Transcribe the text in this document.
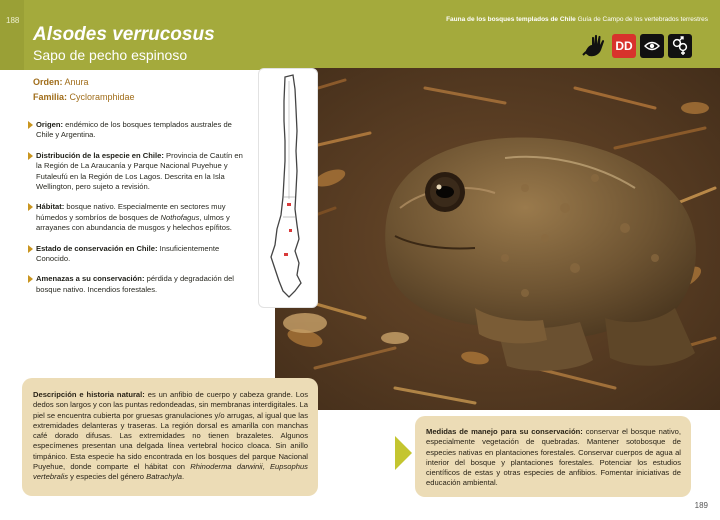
188
Alsodes verrucosus
Sapo de pecho espinoso
Fauna de los bosques templados de Chile Guía de Campo de los vertebrados terrestres
DD
Orden: Anura
Familia: Cycloramphidae
Origen: endémico de los bosques templados australes de Chile y Argentina.
Distribución de la especie en Chile: Provincia de Cautín en la Región de La Araucanía y Parque Nacional Puyehue y Futaleufú en la Región de Los Lagos. Descrita en la Isla Wellington, pero sujeto a revisión.
Hábitat: bosque nativo. Especialmente en sectores muy húmedos y sombríos de bosques de Nothofagus, ulmos y arrayanes con abundancia de musgos y helechos epífitos.
Estado de conservación en Chile: Insuficientemente Conocido.
Amenazas a su conservación: pérdida y degradación del bosque nativo. Incendios forestales.
Descripción e historia natural: es un anfibio de cuerpo y cabeza grande. Los dedos son largos y con las puntas redondeadas, sin membranas interdigitales. La piel se encuentra cubierta por gruesas granulaciones y/o arrugas, al igual que las extremidades delanteras y traseras. La región dorsal es amarilla con manchas café dorado difusas. Las extremidades no tienen brazaletes. Algunos especímenes presentan una delgada línea vertebral hocico cloaca. Sin anillo timpánico. Esta especie ha sido encontrada en los bosques del parque Nacional Puyehue, donde comparte el hábitat con Rhinoderma darwinii, Eupsophus vertebralis y especies del género Batrachyla.
Medidas de manejo para su conservación: conservar el bosque nativo, especialmente vegetación de quebradas. Mantener sotobosque de especies nativas en plantaciones forestales. Conservar cuerpos de agua al interior del bosque y plantaciones forestales. Potenciar los estudios científicos de estas y otras especies de anfibios. Fomentar iniciativas de educación ambiental.
189
